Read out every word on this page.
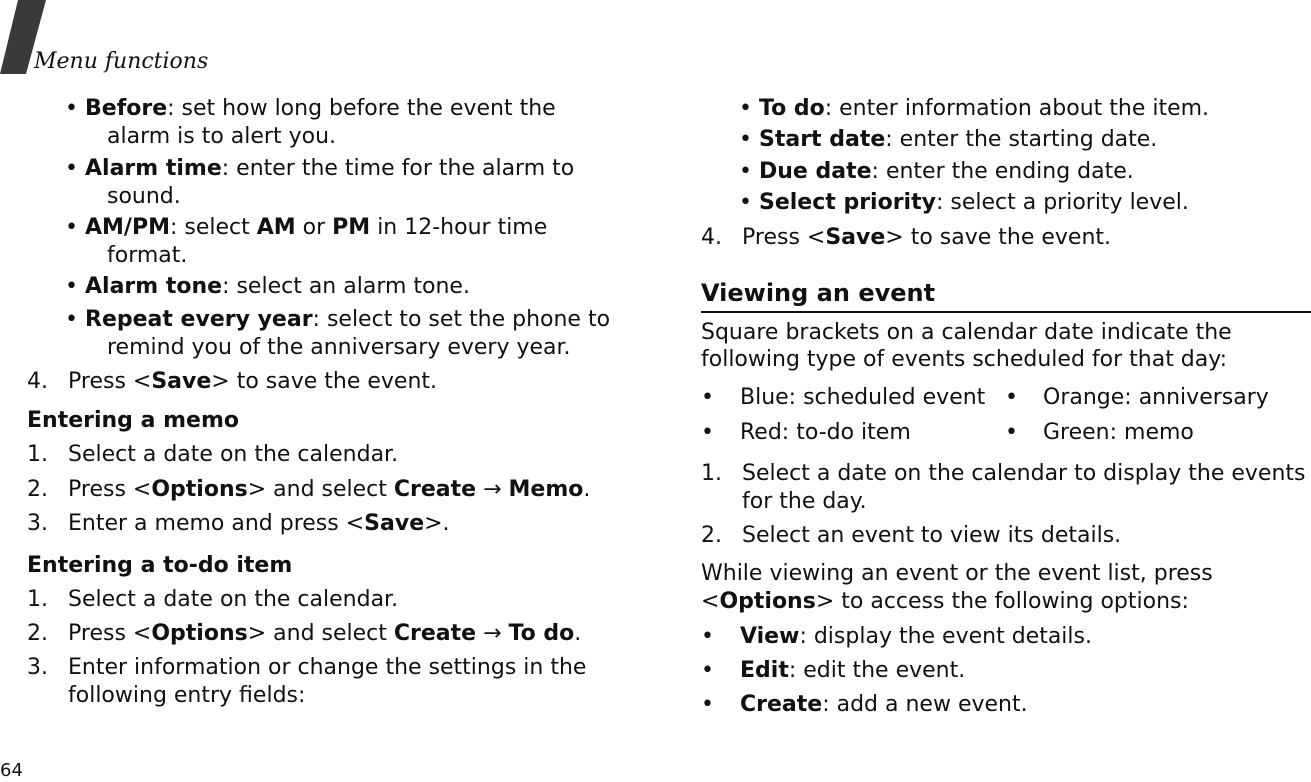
Menu functions
• Before: set how long before the event the
alarm is to alert you.
• Alarm time: enter the time for the alarm to
sound.
• AM/PM: select AM or PM in 12-hour time
format.
• Alarm tone: select an alarm tone.
• Repeat every year: select to set the phone to
remind you of the anniversary every year.
4. Press <Save> to save the event.
Entering a memo
1. Select a date on the calendar.
2. Press <Options> and select Create → Memo.
3. Enter a memo and press <Save>.
Entering a to-do item
1. Select a date on the calendar.
2. Press <Options> and select Create → To do.
3. Enter information or change the settings in the
following entry fields:
• To do: enter information about the item.
• Start date: enter the starting date.
• Due date: enter the ending date.
• Select priority: select a priority level.
4. Press <Save> to save the event.
Viewing an event
Square brackets on a calendar date indicate the
following type of events scheduled for that day:
• Blue: scheduled event • Orange: anniversary
• Red: to-do item	• Green: memo
1. Select a date on the calendar to display the events
for the day.
2. Select an event to view its details.
While viewing an event or the event list, press
<Options> to access the following options:
• View: display the event details.
• Edit: edit the event.
• Create: add a new event.
64
